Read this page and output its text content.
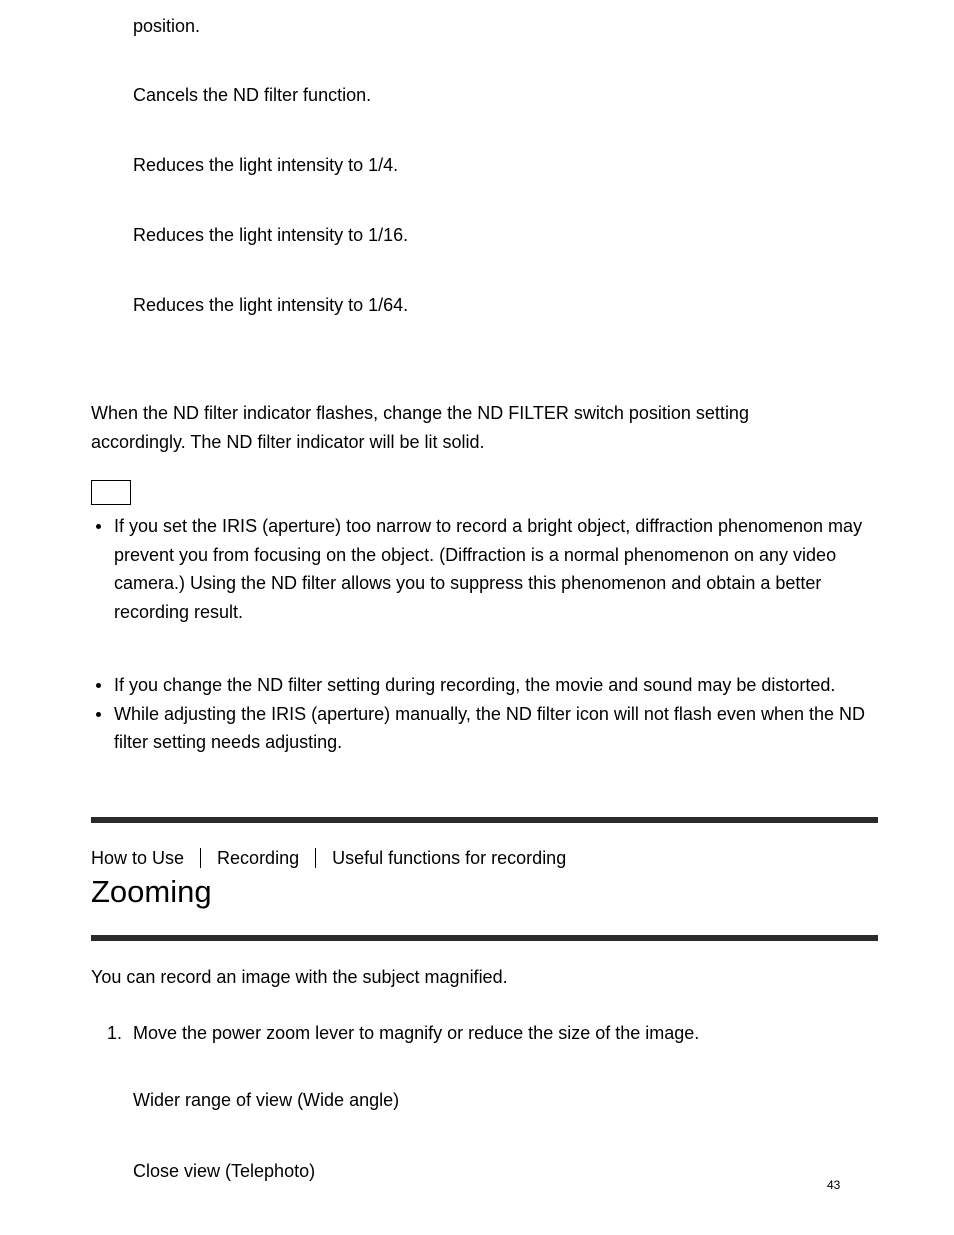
position.
Cancels the ND filter function.
Reduces the light intensity to 1/4.
Reduces the light intensity to 1/16.
Reduces the light intensity to 1/64.
When the ND filter indicator flashes, change the ND FILTER switch position setting accordingly. The ND filter indicator will be lit solid.
If you set the IRIS (aperture) too narrow to record a bright object, diffraction phenomenon may prevent you from focusing on the object. (Diffraction is a normal phenomenon on any video camera.) Using the ND filter allows you to suppress this phenomenon and obtain a better recording result.
If you change the ND filter setting during recording, the movie and sound may be distorted.
While adjusting the IRIS (aperture) manually, the ND filter icon will not flash even when the ND filter setting needs adjusting.
How to Use Recording Useful functions for recording
Zooming
You can record an image with the subject magnified.
1. Move the power zoom lever to magnify or reduce the size of the image.
Wider range of view (Wide angle)
Close view (Telephoto)
43
